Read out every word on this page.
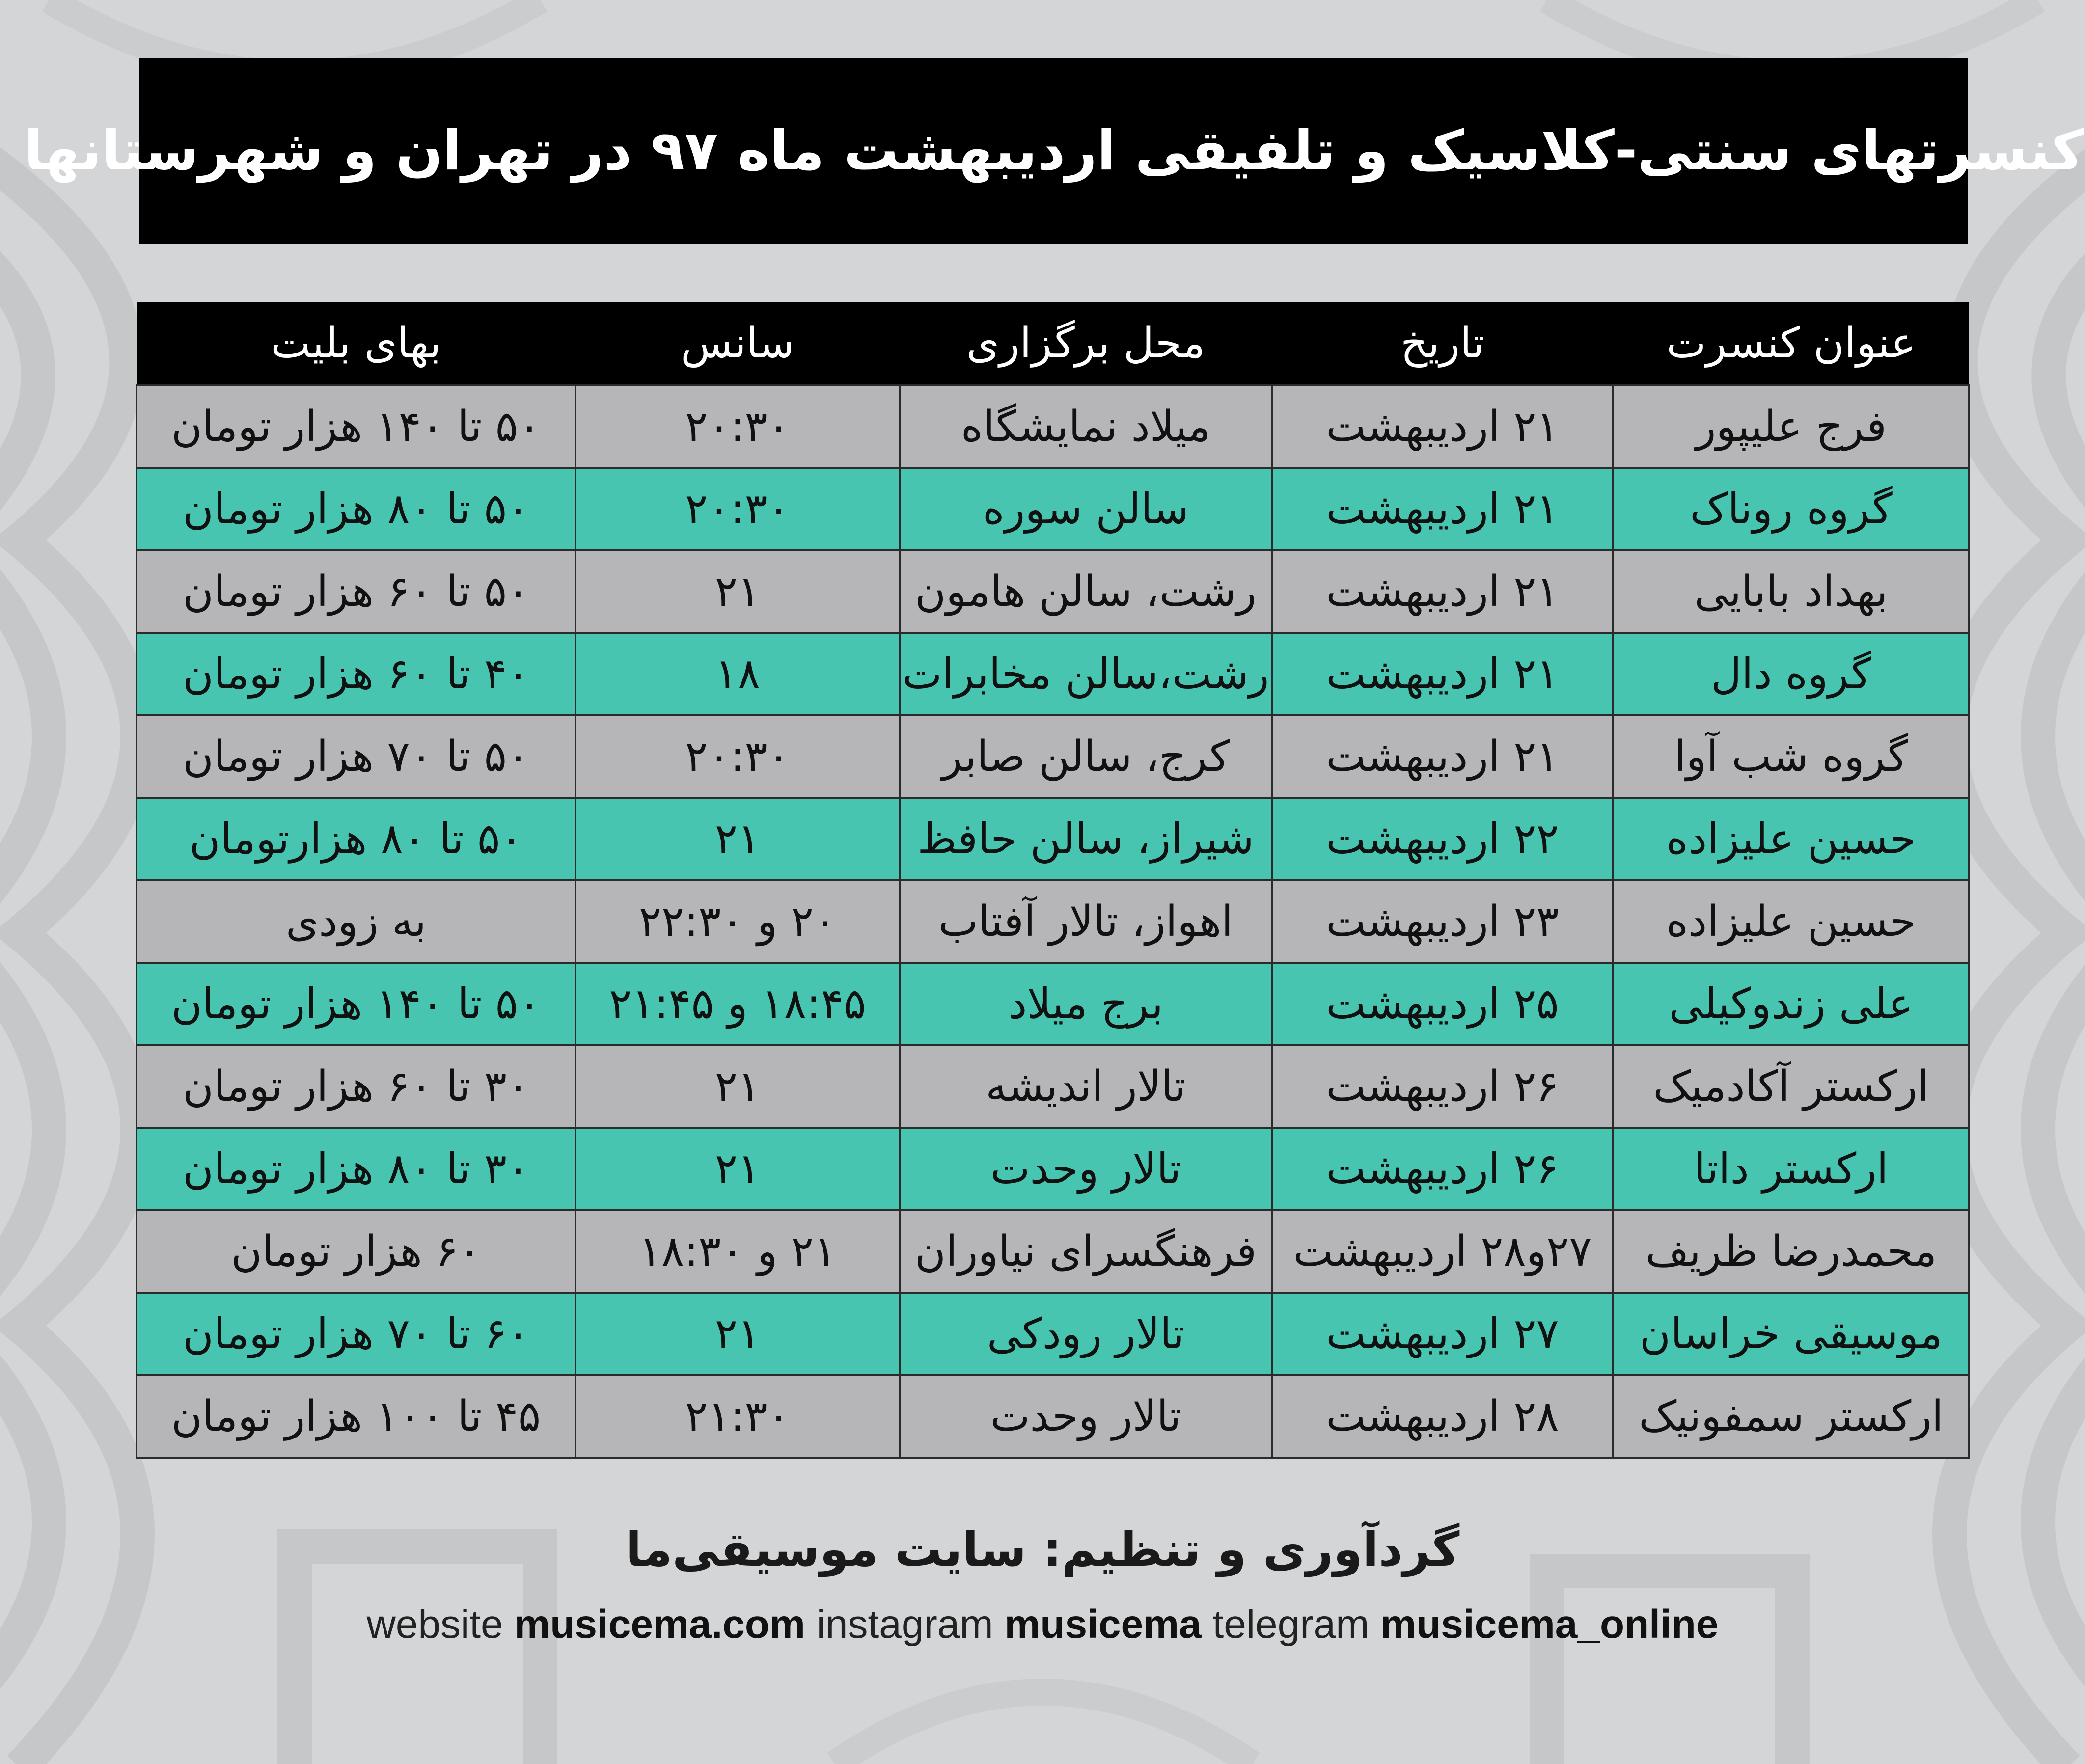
کنسرتهای سنتی-کلاسیک و تلفیقی اردیبهشت ماه ۹۷ در تهران و شهرستانها
عنوان کنسرت	تاریخ	محل برگزاری	سانس	بهای بلیت
فرج علیپور	۲۱ اردیبهشت	میلاد نمایشگاه	۲۰:۳۰	۵۰ تا ۱۴۰ هزار تومان
گروه روناک	۲۱ اردیبهشت	سالن سوره	۲۰:۳۰	۵۰ تا ۸۰ هزار تومان
بهداد بابایی	۲۱ اردیبهشت	رشت، سالن هامون	۲۱	۵۰ تا ۶۰ هزار تومان
گروه دال	۲۱ اردیبهشت	رشت،سالن مخابرات	۱۸	۴۰ تا ۶۰ هزار تومان
گروه شب آوا	۲۱ اردیبهشت	کرج، سالن صابر	۲۰:۳۰	۵۰ تا ۷۰ هزار تومان
حسین علیزاده	۲۲ اردیبهشت	شیراز، سالن حافظ	۲۱	۵۰ تا ۸۰ هزارتومان
حسین علیزاده	۲۳ اردیبهشت	اهواز، تالار آفتاب	۲۰ و ۲۲:۳۰	به زودی
علی زندوکیلی	۲۵ اردیبهشت	برج میلاد	۱۸:۴۵ و ۲۱:۴۵	۵۰ تا ۱۴۰ هزار تومان
ارکستر آکادمیک	۲۶ اردیبهشت	تالار اندیشه	۲۱	۳۰ تا ۶۰ هزار تومان
ارکستر داتا	۲۶ اردیبهشت	تالار وحدت	۲۱	۳۰ تا ۸۰ هزار تومان
محمدرضا ظریف	۲۷و۲۸ اردیبهشت	فرهنگسرای نیاوران	۲۱ و ۱۸:۳۰	۶۰ هزار تومان
موسیقی خراسان	۲۷ اردیبهشت	تالار رودکی	۲۱	۶۰ تا ۷۰ هزار تومان
ارکستر سمفونیک	۲۸ اردیبهشت	تالار وحدت	۲۱:۳۰	۴۵ تا ۱۰۰ هزار تومان
گردآوری و تنظیم: سایت موسیقی‌ما
website musicema.com instagram musicema telegram musicema_online
